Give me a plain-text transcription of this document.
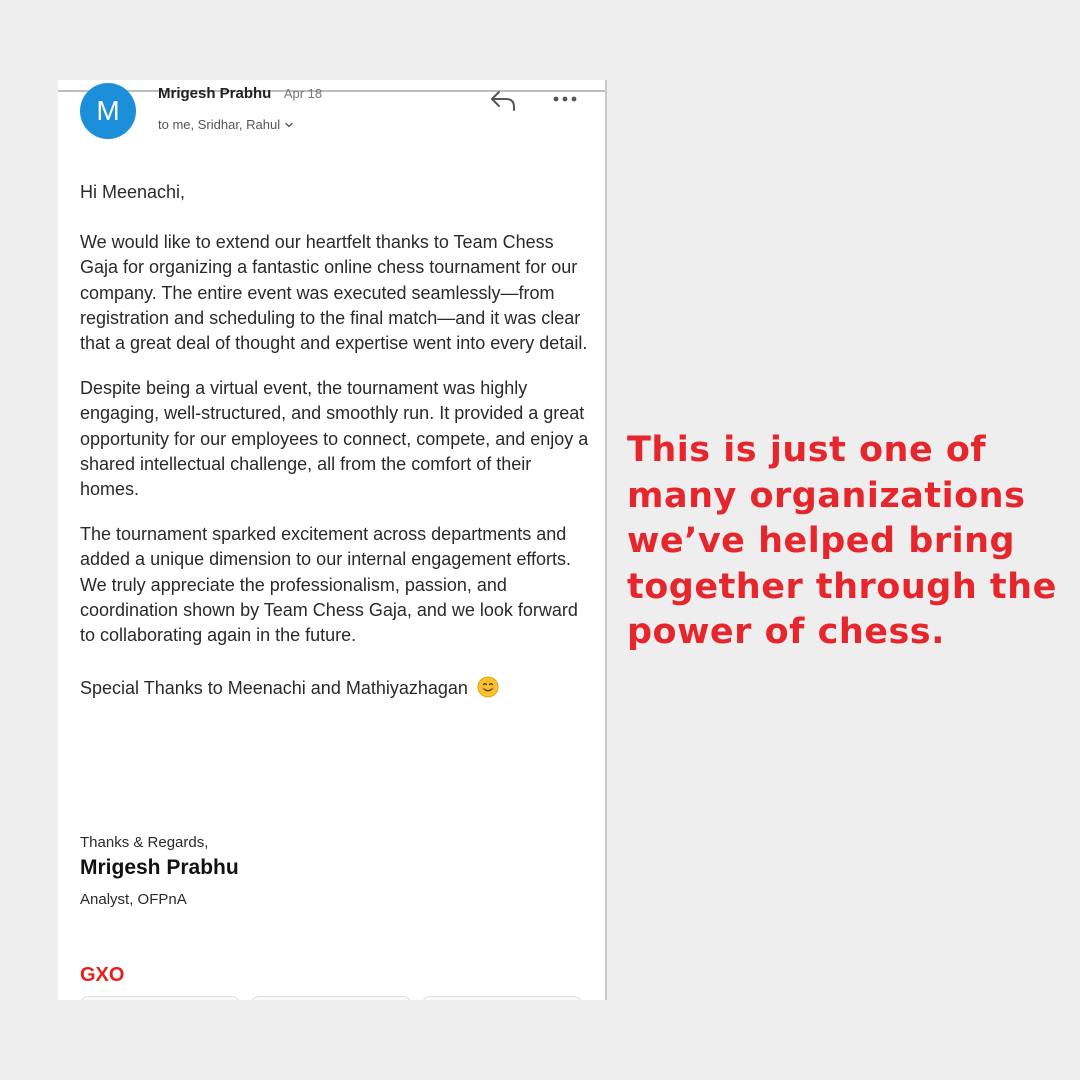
M
Mrigesh Prabhu Apr 18
to me, Sridhar, Rahul

Hi Meenachi,

We would like to extend our heartfelt thanks to Team Chess Gaja for organizing a fantastic online chess tournament for our company. The entire event was executed seamlessly—from registration and scheduling to the final match—and it was clear that a great deal of thought and expertise went into every detail.

Despite being a virtual event, the tournament was highly engaging, well-structured, and smoothly run. It provided a great opportunity for our employees to connect, compete, and enjoy a shared intellectual challenge, all from the comfort of their homes.

The tournament sparked excitement across departments and added a unique dimension to our internal engagement efforts. We truly appreciate the professionalism, passion, and coordination shown by Team Chess Gaja, and we look forward to collaborating again in the future.

Special Thanks to Meenachi and Mathiyazhagan

Thanks & Regards,
Mrigesh Prabhu
Analyst, OFPnA
GXO
This is just one of many organizations we’ve helped bring together through the power of chess.
